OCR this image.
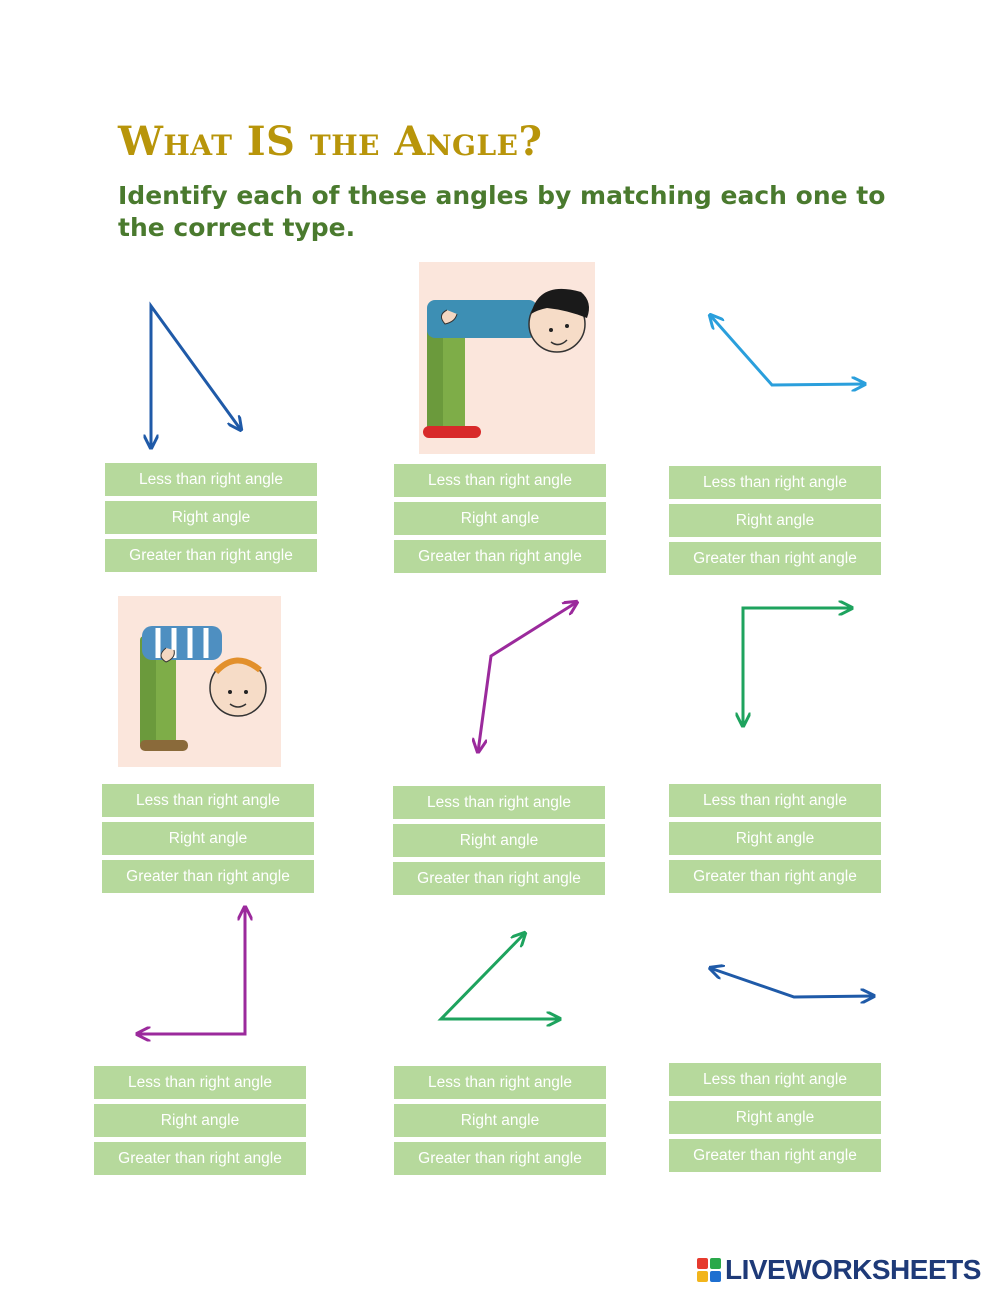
What IS the Angle?
Identify each of these angles by matching each one to the correct type.
Less than right angle
Right angle
Greater than right angle
Less than right angle
Right angle
Greater than right angle
Less than right angle
Right angle
Greater than right angle
Less than right angle
Right angle
Greater than right angle
Less than right angle
Right angle
Greater than right angle
Less than right angle
Right angle
Greater than right angle
Less than right angle
Right angle
Greater than right angle
Less than right angle
Right angle
Greater than right angle
Less than right angle
Right angle
Greater than right angle
LIVEWORKSHEETS
